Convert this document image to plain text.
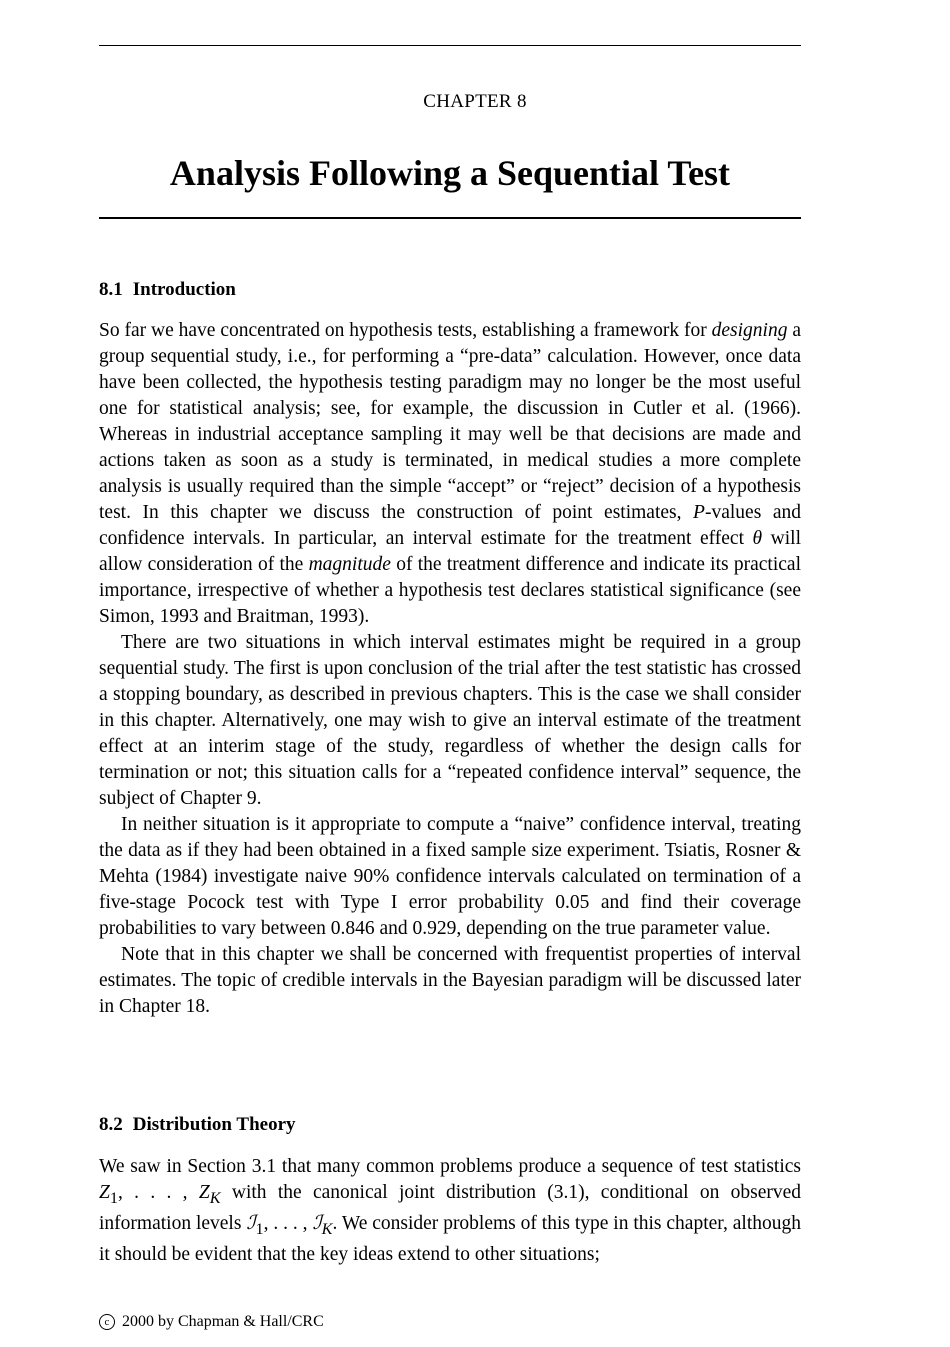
CHAPTER 8
Analysis Following a Sequential Test
8.1 Introduction

So far we have concentrated on hypothesis tests, establishing a framework for designing a group sequential study, i.e., for performing a “pre-data” calculation. However, once data have been collected, the hypothesis testing paradigm may no longer be the most useful one for statistical analysis; see, for example, the discussion in Cutler et al. (1966). Whereas in industrial acceptance sampling it may well be that decisions are made and actions taken as soon as a study is terminated, in medical studies a more complete analysis is usually required than the simple “accept” or “reject” decision of a hypothesis test. In this chapter we discuss the construction of point estimates, P-values and confidence intervals. In particular, an interval estimate for the treatment effect θ will allow consideration of the magnitude of the treatment difference and indicate its practical importance, irrespective of whether a hypothesis test declares statistical significance (see Simon, 1993 and Braitman, 1993).

There are two situations in which interval estimates might be required in a group sequential study. The first is upon conclusion of the trial after the test statistic has crossed a stopping boundary, as described in previous chapters. This is the case we shall consider in this chapter. Alternatively, one may wish to give an interval estimate of the treatment effect at an interim stage of the study, regardless of whether the design calls for termination or not; this situation calls for a “repeated confidence interval” sequence, the subject of Chapter 9.

In neither situation is it appropriate to compute a “naive” confidence interval, treating the data as if they had been obtained in a fixed sample size experiment. Tsiatis, Rosner & Mehta (1984) investigate naive 90% confidence intervals calculated on termination of a five-stage Pocock test with Type I error probability 0.05 and find their coverage probabilities to vary between 0.846 and 0.929, depending on the true parameter value.

Note that in this chapter we shall be concerned with frequentist properties of interval estimates. The topic of credible intervals in the Bayesian paradigm will be discussed later in Chapter 18.

8.2 Distribution Theory

We saw in Section 3.1 that many common problems produce a sequence of test statistics $Z_1$, . . . , $Z_K$ with the canonical joint distribution (3.1), conditional on observed information levels ℐ$_1$, . . . , ℐ$_K$. We consider problems of this type in this chapter, although it should be evident that the key ideas extend to other situations;

c 2000 by Chapman & Hall/CRC
